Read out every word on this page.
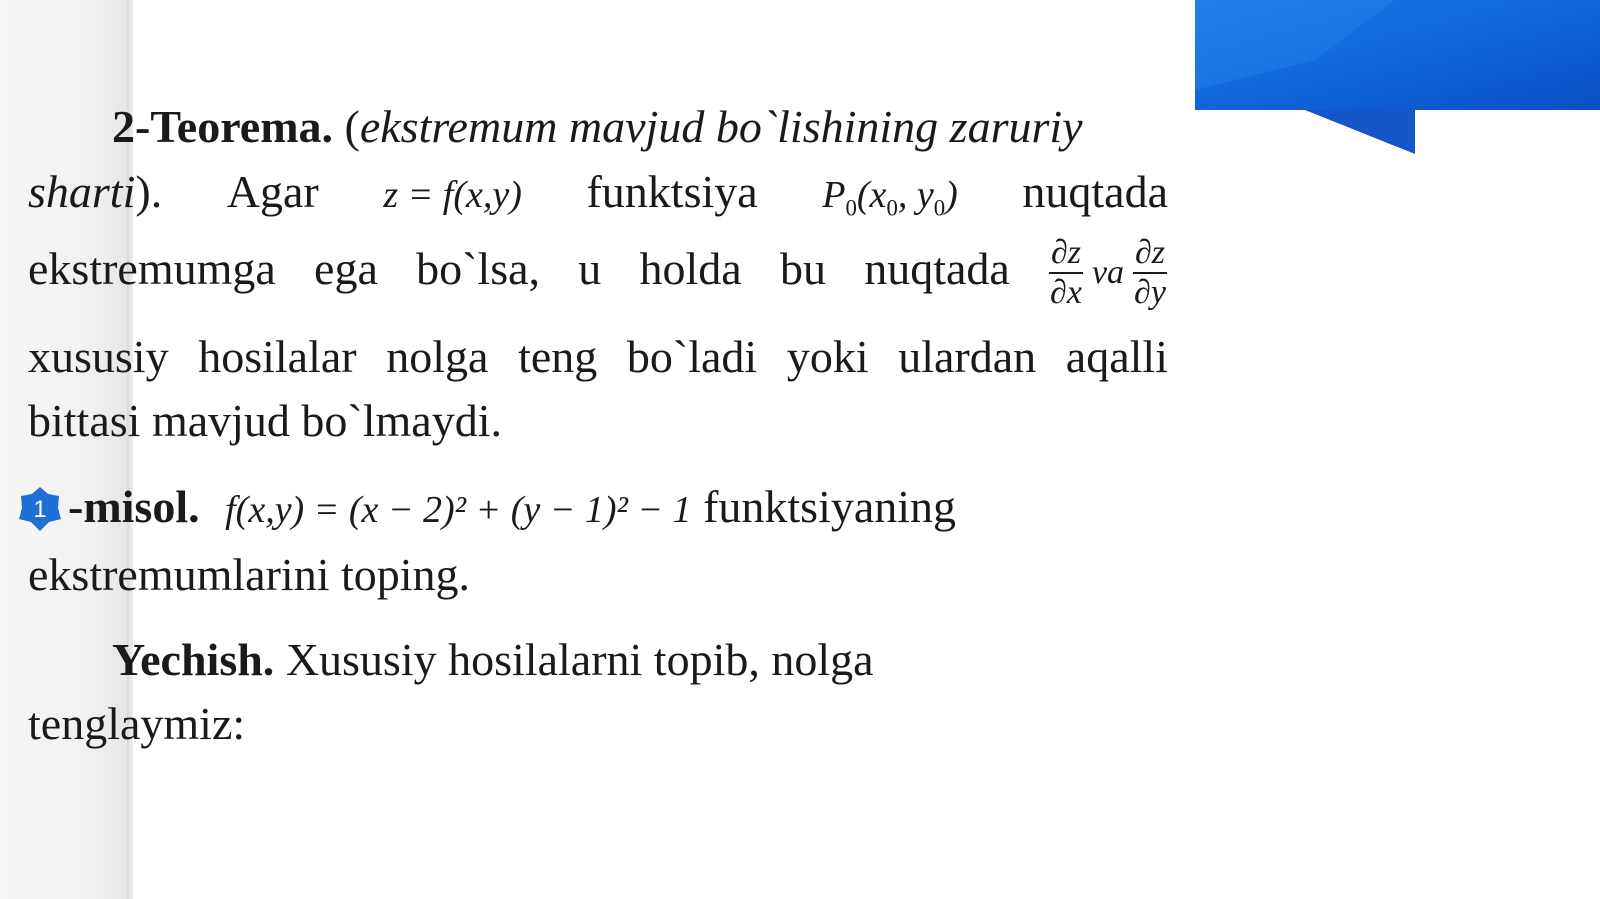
2-Teorema. (ekstremum mavjud bo`lishining zaruriy
sharti). Agar z = f(x,y) funktsiya $P_0(x_0$, $y_0$) nuqtada
ekstremumga ega bo`lsa, u holda bu nuqtada $\frac{\partial z}{\partial x}$ va $\frac{\partial z}{\partial y}$
xususiy hosilalar nolga teng bo`ladi yoki ulardan aqalli
bittasi mavjud bo`lmaydi.
-misol. f(x,y) = (x − 2)² + (y − 1)² − 1 funktsiyaning
ekstremumlarini toping.
Yechish. Xususiy hosilalarni topib, nolga
tenglaymiz:
1
